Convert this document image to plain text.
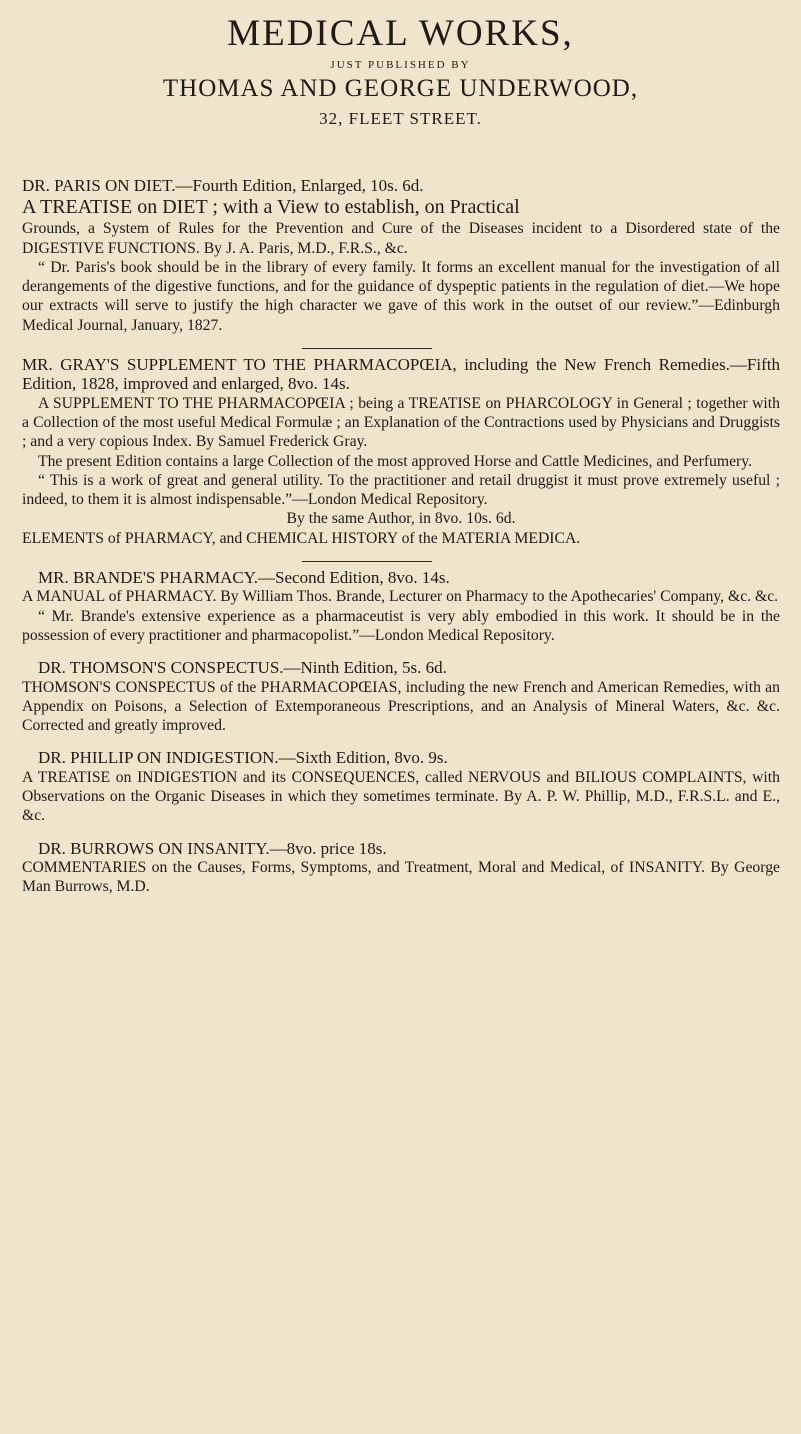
MEDICAL WORKS,
JUST PUBLISHED BY
THOMAS AND GEORGE UNDERWOOD,
32, FLEET STREET.

DR. PARIS ON DIET.—Fourth Edition, Enlarged, 10s. 6d.

A TREATISE on DIET ; with a View to establish, on Practical

Grounds, a System of Rules for the Prevention and Cure of the Diseases incident to a Disordered state of the DIGESTIVE FUNCTIONS. By J. A. Paris, M.D., F.R.S., &c.

“ Dr. Paris's book should be in the library of every family. It forms an excellent manual for the investigation of all derangements of the digestive functions, and for the guidance of dyspeptic patients in the regulation of diet.—We hope our extracts will serve to justify the high character we gave of this work in the outset of our review.”—Edinburgh Medical Journal, January, 1827.

MR. GRAY'S SUPPLEMENT TO THE PHARMACOPŒIA, including the New French Remedies.—Fifth Edition, 1828, improved and enlarged, 8vo. 14s.

A SUPPLEMENT TO THE PHARMACOPŒIA ; being a TREATISE on PHARCOLOGY in General ; together with a Collection of the most useful Medical Formulæ ; an Explanation of the Contractions used by Physicians and Druggists ; and a very copious Index. By Samuel Frederick Gray.

The present Edition contains a large Collection of the most approved Horse and Cattle Medicines, and Perfumery.

“ This is a work of great and general utility. To the practitioner and retail druggist it must prove extremely useful ; indeed, to them it is almost indispensable.”—London Medical Repository.

By the same Author, in 8vo. 10s. 6d.

ELEMENTS of PHARMACY, and CHEMICAL HISTORY of the MATERIA MEDICA.

MR. BRANDE'S PHARMACY.—Second Edition, 8vo. 14s.

A MANUAL of PHARMACY. By William Thos. Brande, Lecturer on Pharmacy to the Apothecaries' Company, &c. &c.

“ Mr. Brande's extensive experience as a pharmaceutist is very ably embodied in this work. It should be in the possession of every practitioner and pharmacopolist.”—London Medical Repository.

DR. THOMSON'S CONSPECTUS.—Ninth Edition, 5s. 6d.

THOMSON'S CONSPECTUS of the PHARMACOPŒIAS, including the new French and American Remedies, with an Appendix on Poisons, a Selection of Extemporaneous Prescriptions, and an Analysis of Mineral Waters, &c. &c. Corrected and greatly improved.

DR. PHILLIP ON INDIGESTION.—Sixth Edition, 8vo. 9s.

A TREATISE on INDIGESTION and its CONSEQUENCES, called NERVOUS and BILIOUS COMPLAINTS, with Observations on the Organic Diseases in which they sometimes terminate. By A. P. W. Phillip, M.D., F.R.S.L. and E., &c.

DR. BURROWS ON INSANITY.—8vo. price 18s.

COMMENTARIES on the Causes, Forms, Symptoms, and Treatment, Moral and Medical, of INSANITY. By George Man Burrows, M.D.
